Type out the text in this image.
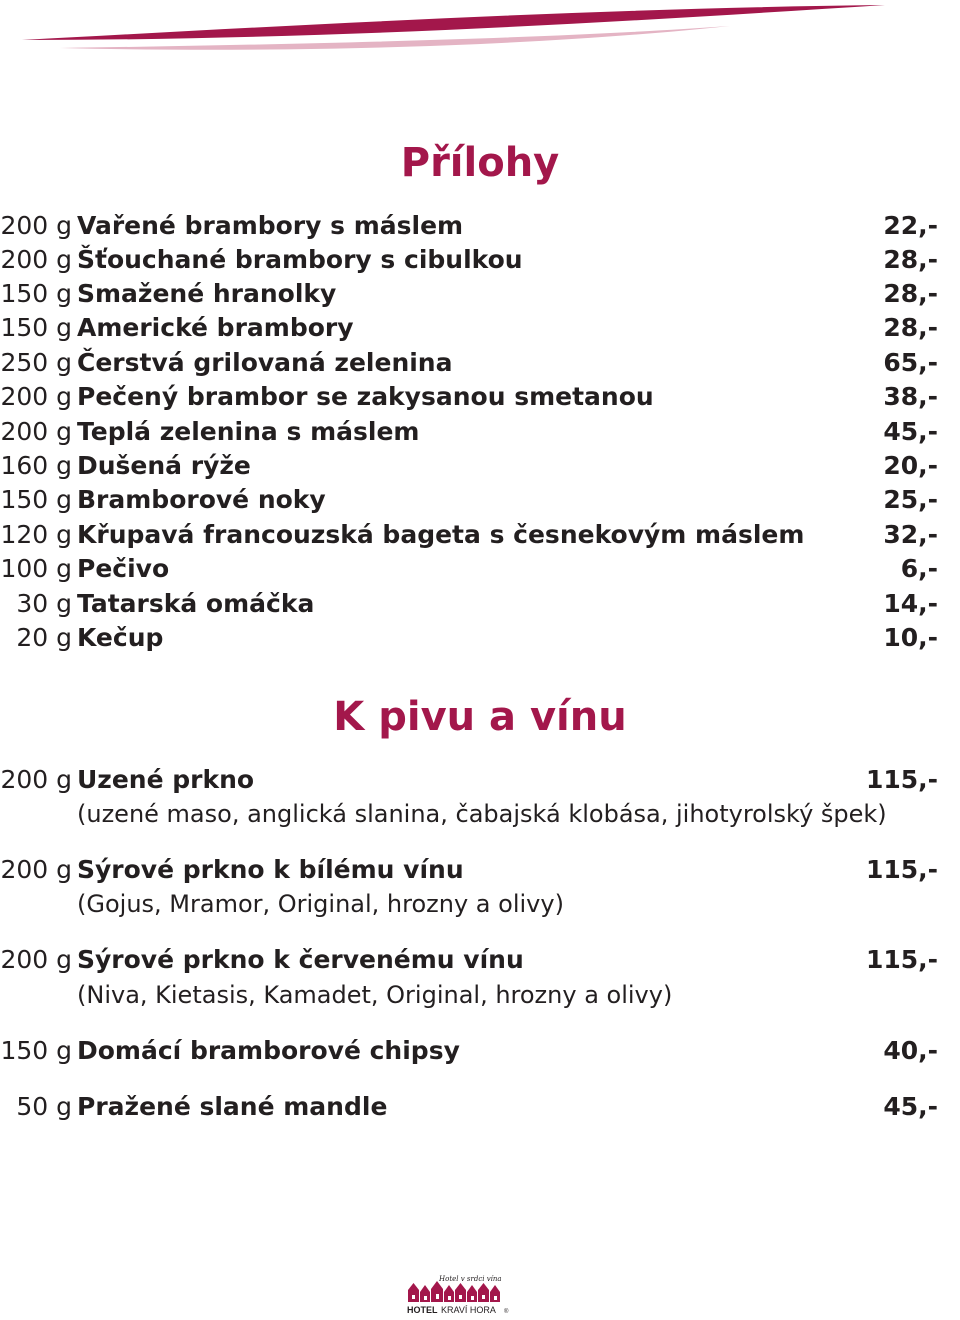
Přílohy
200 g Vařené brambory s máslem	22,-
200 g Šťouchané brambory s cibulkou	28,-
150 g Smažené hranolky	28,-
150 g Americké brambory	28,-
250 g Čerstvá grilovaná zelenina	65,-
200 g Pečený brambor se zakysanou smetanou	38,-
200 g Teplá zelenina s máslem	45,-
160 g Dušená rýže	20,-
150 g Bramborové noky	25,-
120 g Křupavá francouzská bageta s česnekovým máslem	32,-
100 g Pečivo	6,-
30 g Tatarská omáčka	14,-
20 g Kečup	10,-
K pivu a vínu
200 g Uzené prkno	115,-
(uzené maso, anglická slanina, čabajská klobása, jihotyrolský špek)
200 g Sýrové prkno k bílému vínu	115,-
(Gojus, Mramor, Original, hrozny a olivy)
200 g Sýrové prkno k červenému vínu	115,-
(Niva, Kietasis, Kamadet, Original, hrozny a olivy)
150 g Domácí bramborové chipsy	40,-
50 g Pražené slané mandle	45,-
Hotel v srdci vína
HOTEL KRAVÍ HORA ®
